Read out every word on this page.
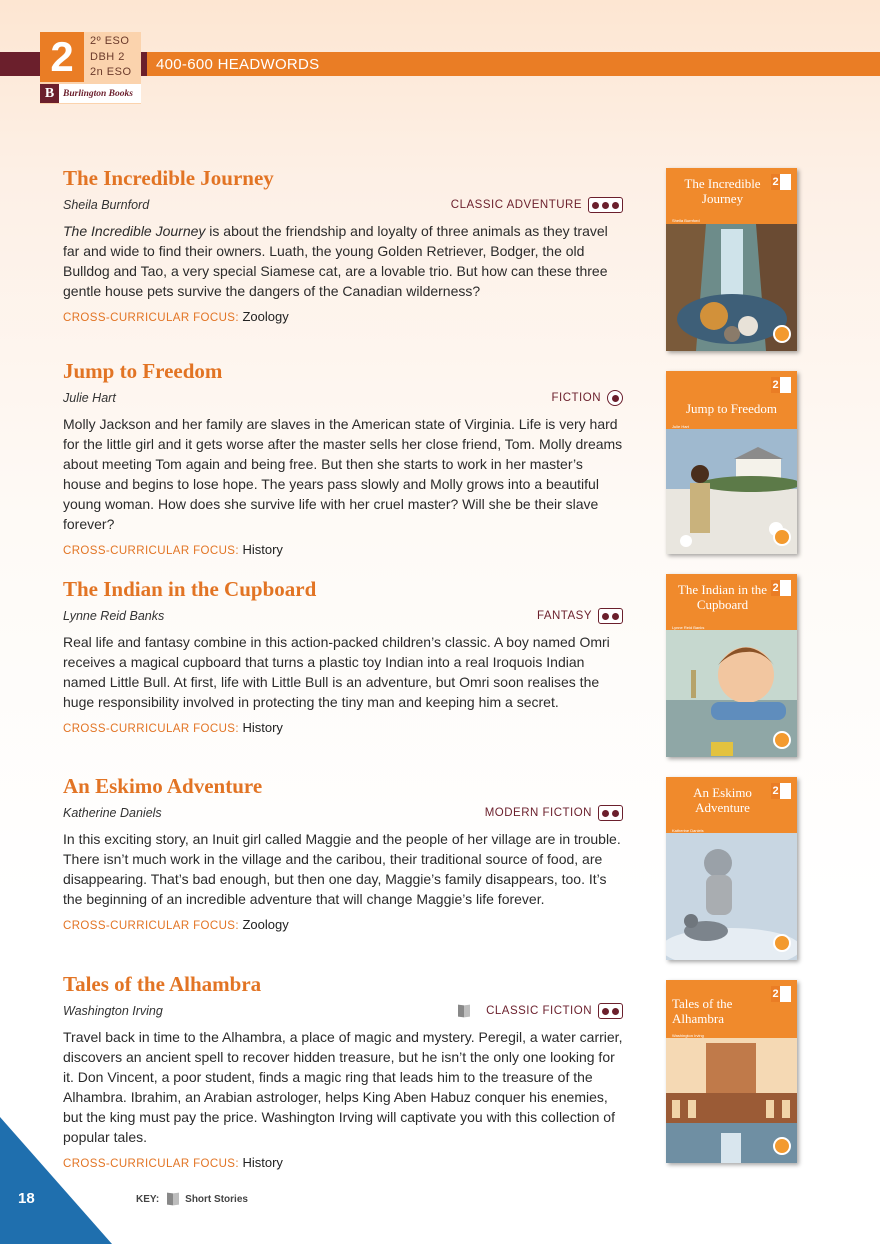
400-600 HEADWORDS
2	2º ESO
DBH 2
2n ESO
B Burlington Books
The Incredible Journey
Sheila Burnford	CLASSIC ADVENTURE
The Incredible Journey is about the friendship and loyalty of three animals as they travel far and wide to find their owners. Luath, the young Golden Retriever, Bodger, the old Bulldog and Tao, a very special Siamese cat, are a lovable trio. But how can these three gentle house pets survive the dangers of the Canadian wilderness?
CROSS-CURRICULAR FOCUS: Zoology
Jump to Freedom
Julie Hart	FICTION
Molly Jackson and her family are slaves in the American state of Virginia. Life is very hard for the little girl and it gets worse after the master sells her close friend, Tom. Molly dreams about meeting Tom again and being free. But then she starts to work in her master’s house and begins to lose hope. The years pass slowly and Molly grows into a beautiful young woman. How does she survive life with her cruel master? Will she be their slave forever?
CROSS-CURRICULAR FOCUS: History
The Indian in the Cupboard
Lynne Reid Banks	FANTASY
Real life and fantasy combine in this action-packed children’s classic. A boy named Omri receives a magical cupboard that turns a plastic toy Indian into a real Iroquois Indian named Little Bull. At first, life with Little Bull is an adventure, but Omri soon realises the huge responsibility involved in protecting the tiny man and keeping him a secret.
CROSS-CURRICULAR FOCUS: History
An Eskimo Adventure
Katherine Daniels	MODERN FICTION
In this exciting story, an Inuit girl called Maggie and the people of her village are in trouble. There isn’t much work in the village and the caribou, their traditional source of food, are disappearing. That’s bad enough, but then one day, Maggie’s family disappears, too. It’s the beginning of an incredible adventure that will change Maggie’s life forever.
CROSS-CURRICULAR FOCUS: Zoology
Tales of the Alhambra
Washington Irving	CLASSIC FICTION
Travel back in time to the Alhambra, a place of magic and mystery. Peregil, a water carrier, discovers an ancient spell to recover hidden treasure, but he isn’t the only one looking for it. Don Vincent, a poor student, finds a magic ring that leads him to the treasure of the Alhambra. Ibrahim, an Arabian astrologer, helps King Aben Habuz conquer his enemies, but the king must pay the price. Washington Irving will captivate you with this collection of popular tales.
CROSS-CURRICULAR FOCUS: History
2
The Incredible Journey
Sheila Burnford
2
Jump to Freedom
Julie Hart
2
The Indian in the Cupboard
Lynne Reid Banks
2
An Eskimo Adventure
Katherine Daniels
2
Tales of the Alhambra
Washington Irving
18	KEY:	Short Stories
